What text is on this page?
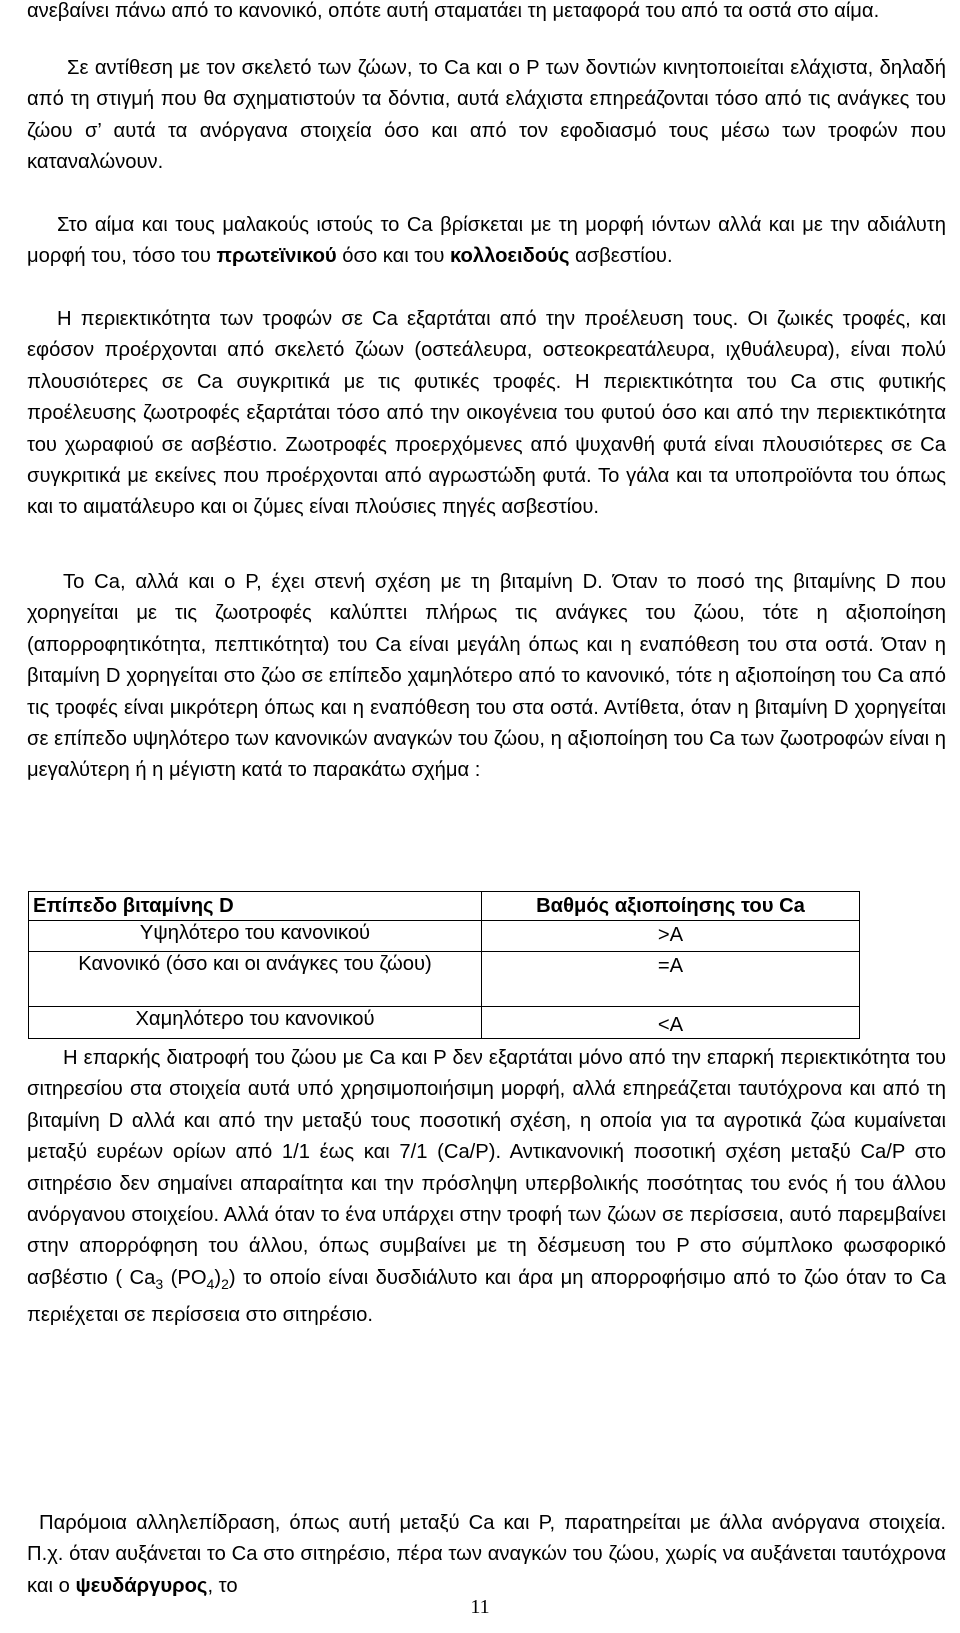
ανεβαίνει πάνω από το κανονικό, οπότε αυτή σταματάει τη μεταφορά του από τα οστά στο αίμα.

Σε αντίθεση με τον σκελετό των ζώων, το Ca και ο P των δοντιών κινητοποιείται ελάχιστα, δηλαδή από τη στιγμή που θα σχηματιστούν τα δόντια, αυτά ελάχιστα επηρεάζονται τόσο από τις ανάγκες του ζώου σ’ αυτά τα ανόργανα στοιχεία όσο και από τον εφοδιασμό τους μέσω των τροφών που καταναλώνουν.

Στο αίμα και τους μαλακούς ιστούς το Ca βρίσκεται με τη μορφή ιόντων αλλά και με την αδιάλυτη μορφή του, τόσο του πρωτεϊνικού όσο και του κολλοειδούς ασβεστίου.

Η περιεκτικότητα των τροφών σε Ca εξαρτάται από την προέλευση τους. Οι ζωικές τροφές, και εφόσον προέρχονται από σκελετό ζώων (οστεάλευρα, οστεοκρεατάλευρα, ιχθυάλευρα), είναι πολύ πλουσιότερες σε Ca συγκριτικά με τις φυτικές τροφές. Η περιεκτικότητα του Ca στις φυτικής προέλευσης ζωοτροφές εξαρτάται τόσο από την οικογένεια του φυτού όσο και από την περιεκτικότητα του χωραφιού σε ασβέστιο. Ζωοτροφές προερχόμενες από ψυχανθή φυτά είναι πλουσιότερες σε Ca συγκριτικά με εκείνες που προέρχονται από αγρωστώδη φυτά. Το γάλα και τα υποπροϊόντα του όπως και το αιματάλευρο και οι ζύμες είναι πλούσιες πηγές ασβεστίου.

Το Ca, αλλά και ο P, έχει στενή σχέση με τη βιταμίνη D. Όταν το ποσό της βιταμίνης D που χορηγείται με τις ζωοτροφές καλύπτει πλήρως τις ανάγκες του ζώου, τότε η αξιοποίηση (απορροφητικότητα, πεπτικότητα) του Ca είναι μεγάλη όπως και η εναπόθεση του στα οστά. Όταν η βιταμίνη D χορηγείται στο ζώο σε επίπεδο χαμηλότερο από το κανονικό, τότε η αξιοποίηση του Ca από τις τροφές είναι μικρότερη όπως και η εναπόθεση του στα οστά. Αντίθετα, όταν η βιταμίνη D χορηγείται σε επίπεδο υψηλότερο των κανονικών αναγκών του ζώου, η αξιοποίηση του Ca των ζωοτροφών είναι η μεγαλύτερη ή η μέγιστη κατά το παρακάτω σχήμα :

Επίπεδο βιταμίνης D	Βαθμός αξιοποίησης του Ca
Υψηλότερο του κανονικού	>A
Κανονικό (όσο και οι ανάγκες του ζώου)	=A
Χαμηλότερο του κανονικού	<A

Η επαρκής διατροφή του ζώου με Ca και P δεν εξαρτάται μόνο από την επαρκή περιεκτικότητα του σιτηρεσίου στα στοιχεία αυτά υπό χρησιμοποιήσιμη μορφή, αλλά επηρεάζεται ταυτόχρονα και από τη βιταμίνη D αλλά και από την μεταξύ τους ποσοτική σχέση, η οποία για τα αγροτικά ζώα κυμαίνεται μεταξύ ευρέων ορίων από 1/1 έως και 7/1 (Ca/P). Αντικανονική ποσοτική σχέση μεταξύ Ca/P στο σιτηρέσιο δεν σημαίνει απαραίτητα και την πρόσληψη υπερβολικής ποσότητας του ενός ή του άλλου ανόργανου στοιχείου. Αλλά όταν το ένα υπάρχει στην τροφή των ζώων σε περίσσεια, αυτό παρεμβαίνει στην απορρόφηση του άλλου, όπως συμβαίνει με τη δέσμευση του P στο σύμπλοκο φωσφορικό ασβέστιο ( $Ca_3$ $(PO_4)_2$) το οποίο είναι δυσδιάλυτο και άρα μη απορροφήσιμο από το ζώο όταν το Ca περιέχεται σε περίσσεια στο σιτηρέσιο.

Παρόμοια αλληλεπίδραση, όπως αυτή μεταξύ Ca και P, παρατηρείται με άλλα ανόργανα στοιχεία. Π.χ. όταν αυξάνεται το Ca στο σιτηρέσιο, πέρα των αναγκών του ζώου, χωρίς να αυξάνεται ταυτόχρονα και ο ψευδάργυρος, το

11
